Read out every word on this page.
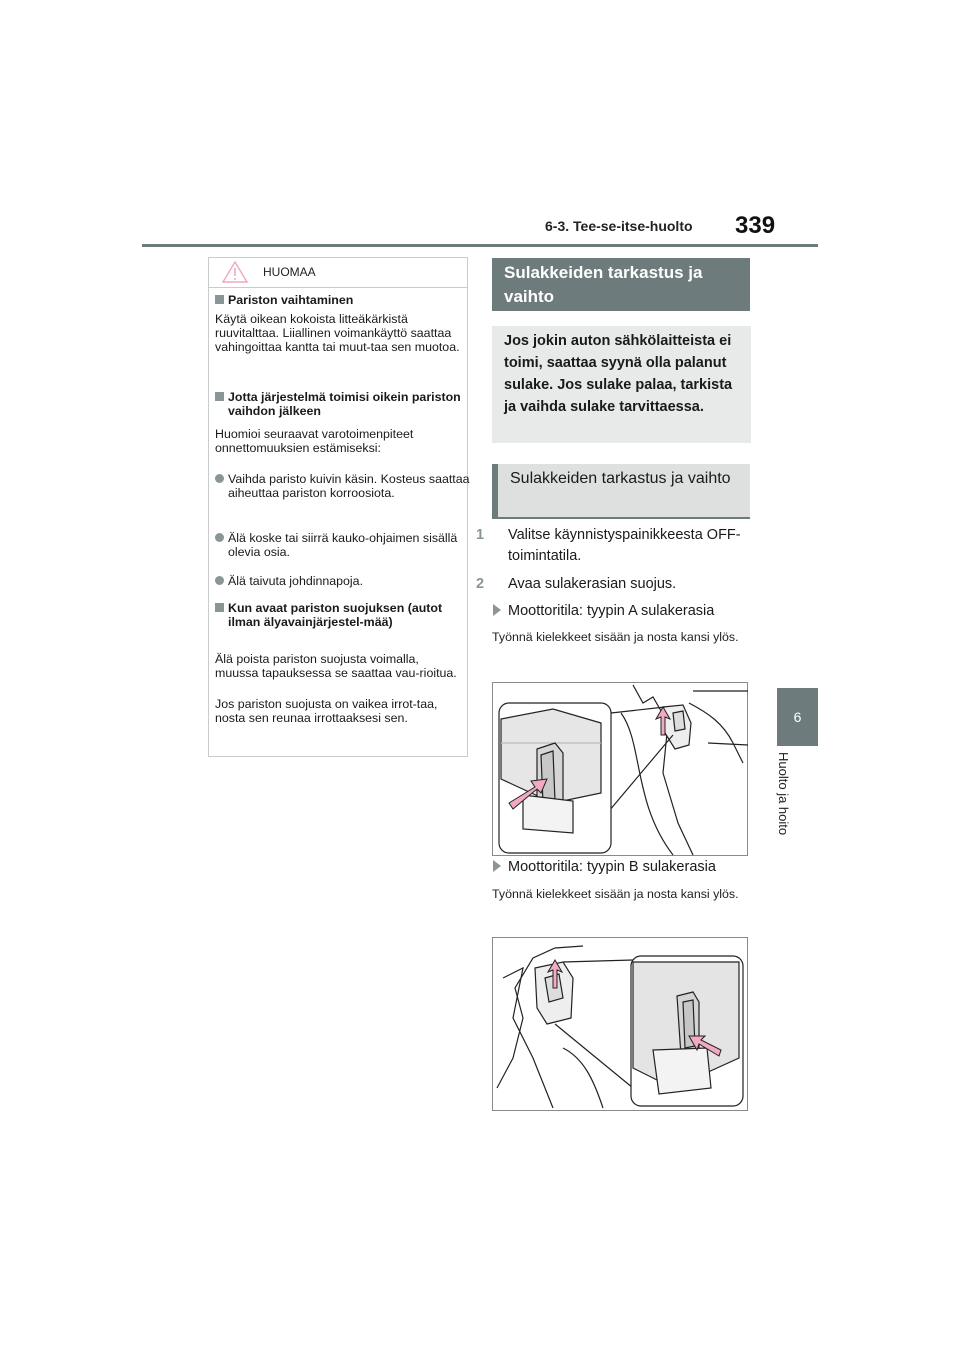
6-3. Tee-se-itse-huolto 339
6
Huolto ja hoito
HUOMAA
Pariston vaihtaminen
Käytä oikean kokoista litteäkärkistä ruuvitalttaa. Liiallinen voimankäyttö saattaa vahingoittaa kantta tai muut-taa sen muotoa.
Jotta järjestelmä toimisi oikein pariston vaihdon jälkeen
Huomioi seuraavat varotoimenpiteet onnettomuuksien estämiseksi:
Vaihda paristo kuivin käsin. Kosteus saattaa aiheuttaa pariston korroosiota.
Älä koske tai siirrä kauko-ohjaimen sisällä olevia osia.
Älä taivuta johdinnapoja.
Kun avaat pariston suojuksen (autot ilman älyavainjärjestel-mää)
Älä poista pariston suojusta voimalla, muussa tapauksessa se saattaa vau-rioitua.
Jos pariston suojusta on vaikea irrot-taa, nosta sen reunaa irrottaaksesi sen.
Sulakkeiden tarkastus ja vaihto
Jos jokin auton sähkölaitteista ei toimi, saattaa syynä olla palanut sulake. Jos sulake palaa, tarkista ja vaihda sulake tarvittaessa.
Sulakkeiden tarkastus ja vaihto
1 Valitse käynnistyspainikkeesta OFF-toimintatila.
2 Avaa sulakerasian suojus.
Moottoritila: tyypin A sulakerasia
Työnnä kielekkeet sisään ja nosta kansi ylös.
Moottoritila: tyypin B sulakerasia
Työnnä kielekkeet sisään ja nosta kansi ylös.
